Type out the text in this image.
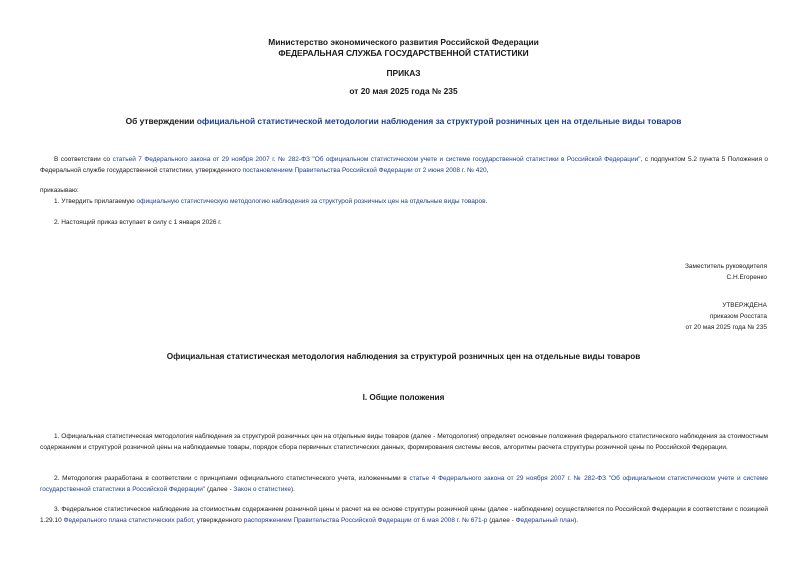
Министерство экономического развития Российской Федерации
ФЕДЕРАЛЬНАЯ СЛУЖБА ГОСУДАРСТВЕННОЙ СТАТИСТИКИ
ПРИКАЗ
от 20 мая 2025 года № 235
Об утверждении официальной статистической методологии наблюдения за структурой розничных цен на отдельные виды товаров
В соответствии со статьей 7 Федерального закона от 29 ноября 2007 г. № 282-ФЗ "Об официальном статистическом учете и системе государственной статистики в Российской Федерации", с подпунктом 5.2 пункта 5 Положения о Федеральной службе государственной статистики, утвержденного постановлением Правительства Российской Федерации от 2 июня 2008 г. № 420,
приказываю:
1. Утвердить прилагаемую официальную статистическую методологию наблюдения за структурой розничных цен на отдельные виды товаров.
2. Настоящий приказ вступает в силу с 1 января 2026 г.
Заместитель руководителя
С.Н.Егоренко
УТВЕРЖДЕНА
приказом Росстата
от 20 мая 2025 года № 235
Официальная статистическая методология наблюдения за структурой розничных цен на отдельные виды товаров
I. Общие положения
1. Официальная статистическая методология наблюдения за структурой розничных цен на отдельные виды товаров (далее - Методология) определяет основные положения федерального статистического наблюдения за стоимостным содержанием и структурой розничной цены на наблюдаемые товары, порядок сбора первичных статистических данных, формирования системы весов, алгоритмы расчета структуры розничной цены по Российской Федерации.
2. Методология разработана в соответствии с принципами официального статистического учета, изложенными в статье 4 Федерального закона от 29 ноября 2007 г. № 282-ФЗ "Об официальном статистическом учете и системе государственной статистики в Российской Федерации" (далее - Закон о статистике).
3. Федеральное статистическое наблюдение за стоимостным содержанием розничной цены и расчет на ее основе структуры розничной цены (далее - наблюдение) осуществляется по Российской Федерации в соответствии с позицией 1.29.10 Федерального плана статистических работ, утвержденного распоряжением Правительства Российской Федерации от 6 мая 2008 г. № 671-р (далее - Федеральный план).
